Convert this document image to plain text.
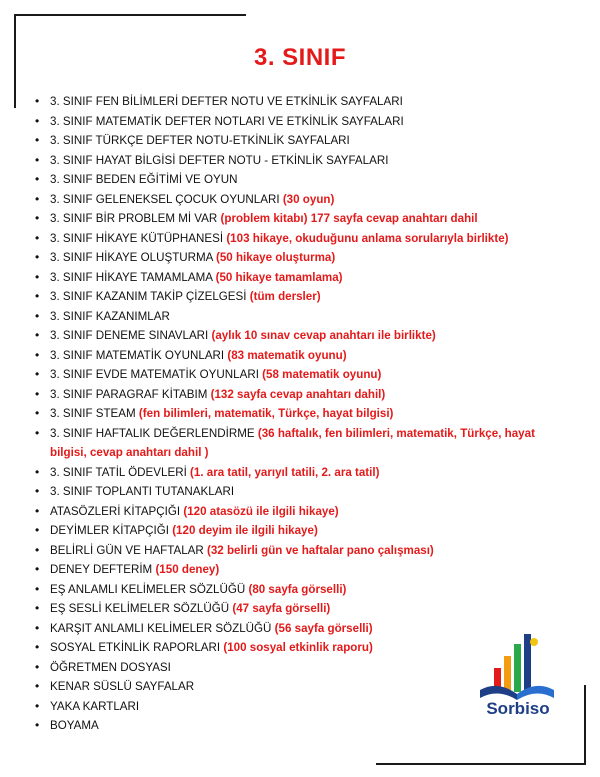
3. SINIF
• 3. SINIF FEN BİLİMLERİ DEFTER NOTU VE ETKİNLİK SAYFALARI
• 3. SINIF MATEMATİK DEFTER NOTLARI VE ETKİNLİK SAYFALARI
• 3. SINIF TÜRKÇE DEFTER NOTU-ETKİNLİK SAYFALARI
• 3. SINIF HAYAT BİLGİSİ DEFTER NOTU - ETKİNLİK SAYFALARI
• 3. SINIF BEDEN EĞİTİMİ VE OYUN
• 3. SINIF GELENEKSEL ÇOCUK OYUNLARI (30 oyun)
• 3. SINIF BİR PROBLEM Mİ VAR (problem kitabı) 177 sayfa cevap anahtarı dahil
• 3. SINIF HİKAYE KÜTÜPHANESİ (103 hikaye, okuduğunu anlama sorularıyla birlikte)
• 3. SINIF HİKAYE OLUŞTURMA (50 hikaye oluşturma)
• 3. SINIF HİKAYE TAMAMLAMA (50 hikaye tamamlama)
• 3. SINIF KAZANIM TAKİP ÇİZELGESİ (tüm dersler)
• 3. SINIF KAZANIMLAR
• 3. SINIF DENEME SINAVLARI (aylık 10 sınav cevap anahtarı ile birlikte)
• 3. SINIF MATEMATİK OYUNLARI (83 matematik oyunu)
• 3. SINIF EVDE MATEMATİK OYUNLARI (58 matematik oyunu)
• 3. SINIF PARAGRAF KİTABIM (132 sayfa cevap anahtarı dahil)
• 3. SINIF STEAM (fen bilimleri, matematik, Türkçe, hayat bilgisi)
• 3. SINIF HAFTALIK DEĞERLENDİRME (36 haftalık, fen bilimleri, matematik, Türkçe, hayat bilgisi, cevap anahtarı dahil )
• 3. SINIF TATİL ÖDEVLERİ (1. ara tatil, yarıyıl tatili, 2. ara tatil)
• 3. SINIF TOPLANTI TUTANAKLARI
• ATASÖZLERİ KİTAPÇIĞI (120 atasözü ile ilgili hikaye)
• DEYİMLER KİTAPÇIĞI (120 deyim ile ilgili hikaye)
• BELİRLİ GÜN VE HAFTALAR (32 belirli gün ve haftalar pano çalışması)
• DENEY DEFTERİM (150 deney)
• EŞ ANLAMLI KELİMELER SÖZLÜĞÜ (80 sayfa görselli)
• EŞ SESLİ KELİMELER SÖZLÜĞÜ (47 sayfa görselli)
• KARŞIT ANLAMLI KELİMELER SÖZLÜĞÜ (56 sayfa görselli)
• SOSYAL ETKİNLİK RAPORLARI (100 sosyal etkinlik raporu)
• ÖĞRETMEN DOSYASI
• KENAR SÜSLÜ SAYFALAR
• YAKA KARTLARI
• BOYAMA
Sorbiso
